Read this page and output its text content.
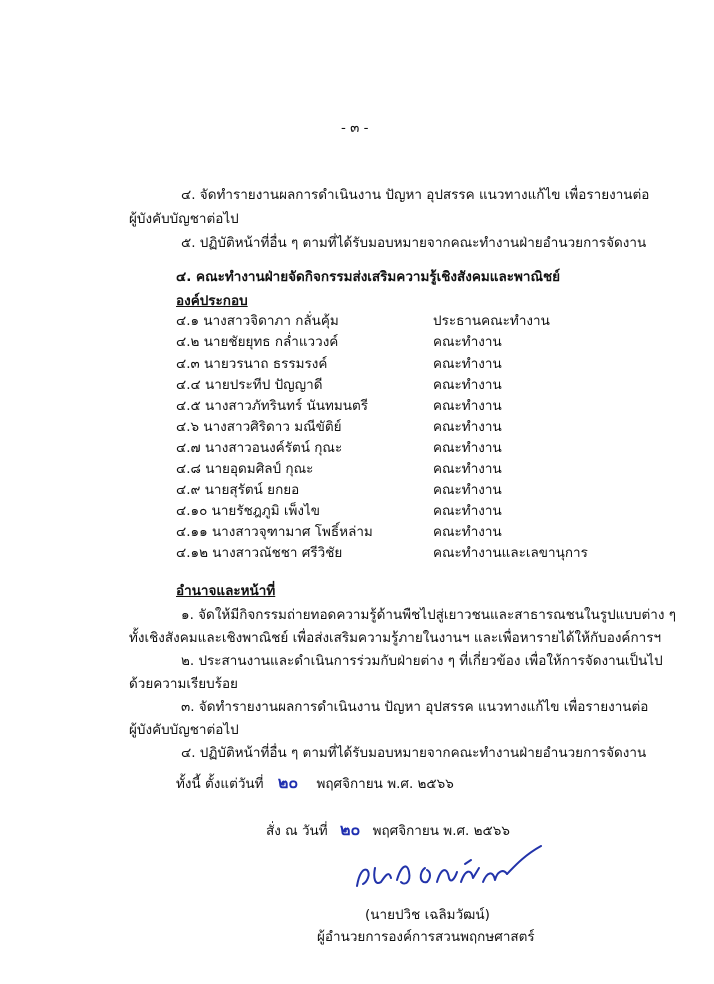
- ๓ -
๔. จัดทำรายงานผลการดำเนินงาน ปัญหา อุปสรรค แนวทางแก้ไข เพื่อรายงานต่อ
ผู้บังคับบัญชาต่อไป
๕. ปฏิบัติหน้าที่อื่น ๆ ตามที่ได้รับมอบหมายจากคณะทำงานฝ่ายอำนวยการจัดงาน
๔. คณะทำงานฝ่ายจัดกิจกรรมส่งเสริมความรู้เชิงสังคมและพาณิชย์
องค์ประกอบ
๔.๑ นางสาวจิดาภา กลั่นคุ้ม	ประธานคณะทำงาน
๔.๒ นายชัยยุทธ กล่ำแววงค์	คณะทำงาน
๔.๓ นายวรนาถ ธรรมรงค์	คณะทำงาน
๔.๔ นายประทีป ปัญญาดี	คณะทำงาน
๔.๕ นางสาวภัทรินทร์ นันทมนตรี	คณะทำงาน
๔.๖ นางสาวศิริดาว มณีขัติย์	คณะทำงาน
๔.๗ นางสาวอนงค์รัตน์ กุณะ	คณะทำงาน
๔.๘ นายอุดมศิลป์ กุณะ	คณะทำงาน
๔.๙ นายสุรัตน์ ยกยอ	คณะทำงาน
๔.๑๐ นายรัชฎภูมิ เพ็งไข	คณะทำงาน
๔.๑๑ นางสาวจุฑามาศ โพธิ์หล่าม	คณะทำงาน
๔.๑๒ นางสาวณัชชา ศรีวิชัย	คณะทำงานและเลขานุการ
อำนาจและหน้าที่
๑. จัดให้มีกิจกรรมถ่ายทอดความรู้ด้านพืชไปสู่เยาวชนและสาธารณชนในรูปแบบต่าง ๆ
ทั้งเชิงสังคมและเชิงพาณิชย์ เพื่อส่งเสริมความรู้ภายในงานฯ และเพื่อหารายได้ให้กับองค์การฯ
๒. ประสานงานและดำเนินการร่วมกับฝ่ายต่าง ๆ ที่เกี่ยวข้อง เพื่อให้การจัดงานเป็นไป
ด้วยความเรียบร้อย
๓. จัดทำรายงานผลการดำเนินงาน ปัญหา อุปสรรค แนวทางแก้ไข เพื่อรายงานต่อ
ผู้บังคับบัญชาต่อไป
๔. ปฏิบัติหน้าที่อื่น ๆ ตามที่ได้รับมอบหมายจากคณะทำงานฝ่ายอำนวยการจัดงาน
ทั้งนี้ ตั้งแต่วันที่ ๒๐ พฤศจิกายน พ.ศ. ๒๕๖๖
สั่ง ณ วันที่ ๒๐ พฤศจิกายน พ.ศ. ๒๕๖๖
(นายปวิช เฉลิมวัฒน์)
ผู้อำนวยการองค์การสวนพฤกษศาสตร์
